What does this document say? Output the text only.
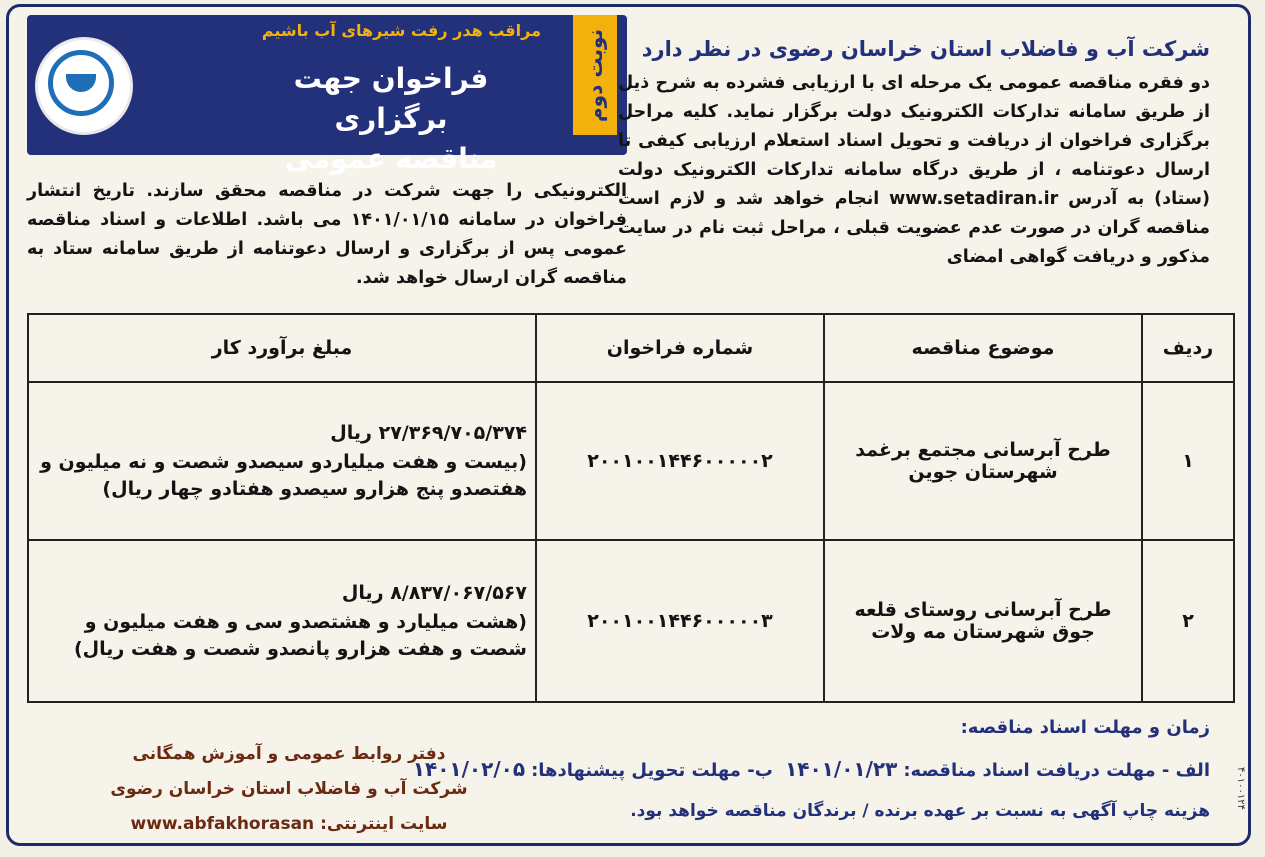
مراقب هدر رفت شیرهای آب باشیم
فراخوان جهت برگزاری
مناقصه عمومی
نوبت دوم	شرکت آب و فاضلاب استان خراسان رضوی در نظر دارد
دو فقره مناقصه عمومی یک مرحله ای با ارزیابی فشرده به شرح ذیل از طریق سامانه تدارکات الکترونیک دولت برگزار نماید. کلیه مراحل برگزاری فراخوان از دریافت و تحویل اسناد استعلام ارزیابی کیفی تا ارسال دعوتنامه ، از طریق درگاه سامانه تدارکات الکترونیک دولت (ستاد) به آدرس www.setadiran.ir انجام خواهد شد و لازم است مناقصه گران در صورت عدم عضویت قبلی ، مراحل ثبت نام در سایت مذکور و دریافت گواهی امضای
الکترونیکی را جهت شرکت در مناقصه محقق سازند. تاریخ انتشار فراخوان در سامانه ۱۴۰۱/۰۱/۱۵ می باشد. اطلاعات و اسناد مناقصه عمومی پس از برگزاری و ارسال دعوتنامه از طریق سامانه ستاد به مناقصه گران ارسال خواهد شد.
ردیف	موضوع مناقصه	شماره فراخوان	مبلغ برآورد کار
۱	طرح آبرسانی مجتمع برغمد شهرستان جوین	۲۰۰۱۰۰۱۴۴۶۰۰۰۰۰۲	۲۷/۳۶۹/۷۰۵/۳۷۴ ریال
(بیست و هفت میلیاردو سیصدو شصت و نه میلیون و هفتصدو پنج هزارو سیصدو هفتادو چهار ریال)
۲	طرح آبرسانی روستای قلعه جوق شهرستان مه ولات	۲۰۰۱۰۰۱۴۴۶۰۰۰۰۰۳	۸/۸۳۷/۰۶۷/۵۶۷ ریال
(هشت میلیارد و هشتصدو سی و هفت میلیون و شصت و هفت هزارو پانصدو شصت و هفت ریال)
زمان و مهلت اسناد مناقصه:
الف - مهلت دریافت اسناد مناقصه:۱۴۰۱/۰۱/۲۳ ب- مهلت تحویل پیشنهادها:۱۴۰۱/۰۲/۰۵
هزینه چاپ آگهی به نسبت بر عهده برنده / برندگان مناقصه خواهد بود.
دفتر روابط عمومی و آموزش همگانی
شرکت آب و فاضلاب استان خراسان رضوی
سایت اینترنتی: www.abfakhorasan
۴۰۱۰۰۱۲۴
